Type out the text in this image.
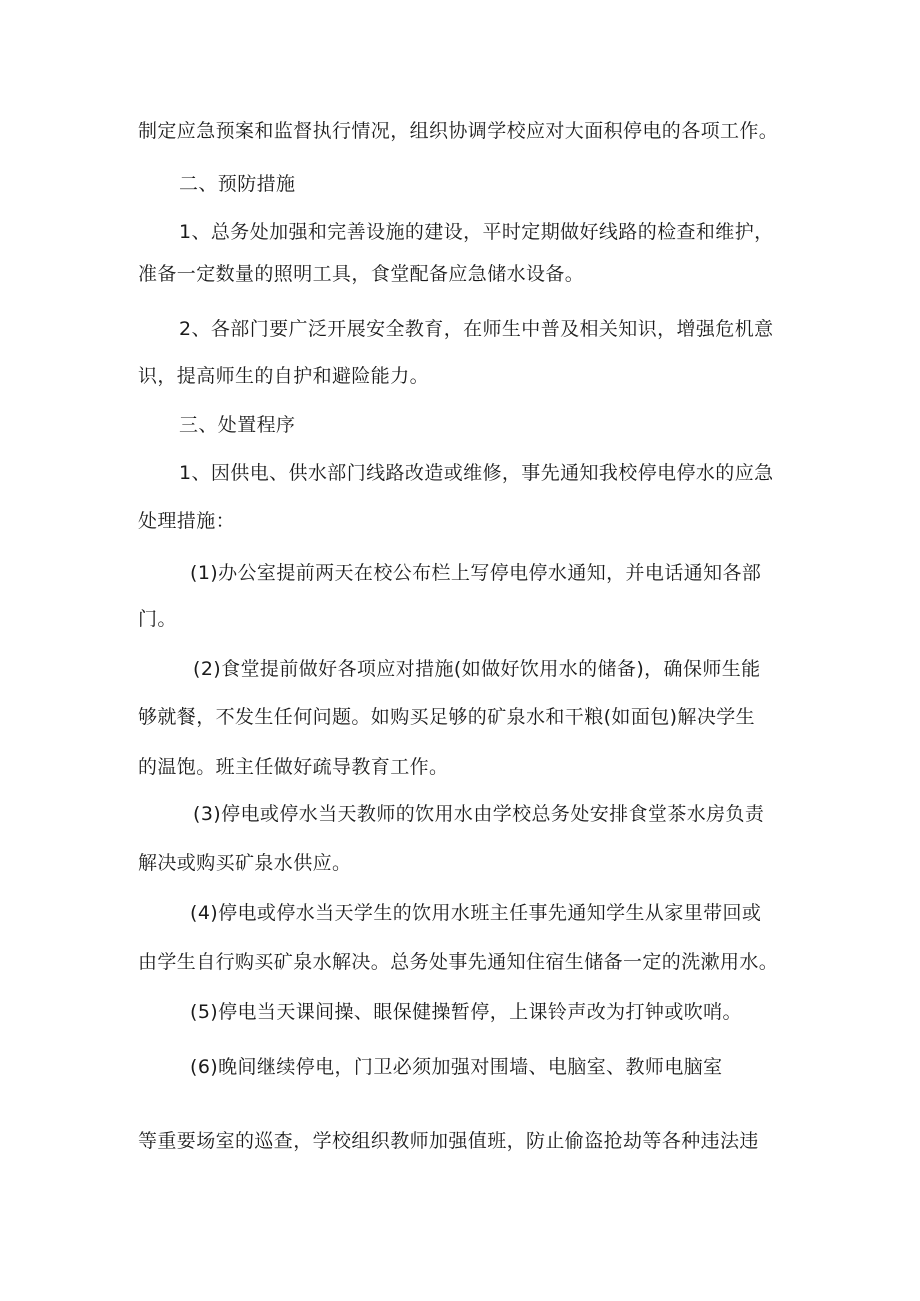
制定应急预案和监督执行情况，组织协调学校应对大面积停电的各项工作。
二、预防措施
1、总务处加强和完善设施的建设，平时定期做好线路的检查和维护，
准备一定数量的照明工具，食堂配备应急储水设备。
2、各部门要广泛开展安全教育，在师生中普及相关知识，增强危机意
识，提高师生的自护和避险能力。
三、处置程序
1、因供电、供水部门线路改造或维修，事先通知我校停电停水的应急
处理措施：
(1)办公室提前两天在校公布栏上写停电停水通知，并电话通知各部
门。
(2)食堂提前做好各项应对措施(如做好饮用水的储备)，确保师生能
够就餐，不发生任何问题。如购买足够的矿泉水和干粮(如面包)解决学生
的温饱。班主任做好疏导教育工作。
(3)停电或停水当天教师的饮用水由学校总务处安排食堂茶水房负责
解决或购买矿泉水供应。
(4)停电或停水当天学生的饮用水班主任事先通知学生从家里带回或
由学生自行购买矿泉水解决。总务处事先通知住宿生储备一定的洗漱用水。
(5)停电当天课间操、眼保健操暂停，上课铃声改为打钟或吹哨。
(6)晚间继续停电，门卫必须加强对围墙、电脑室、教师电脑室
等重要场室的巡查，学校组织教师加强值班，防止偷盗抢劫等各种违法违
